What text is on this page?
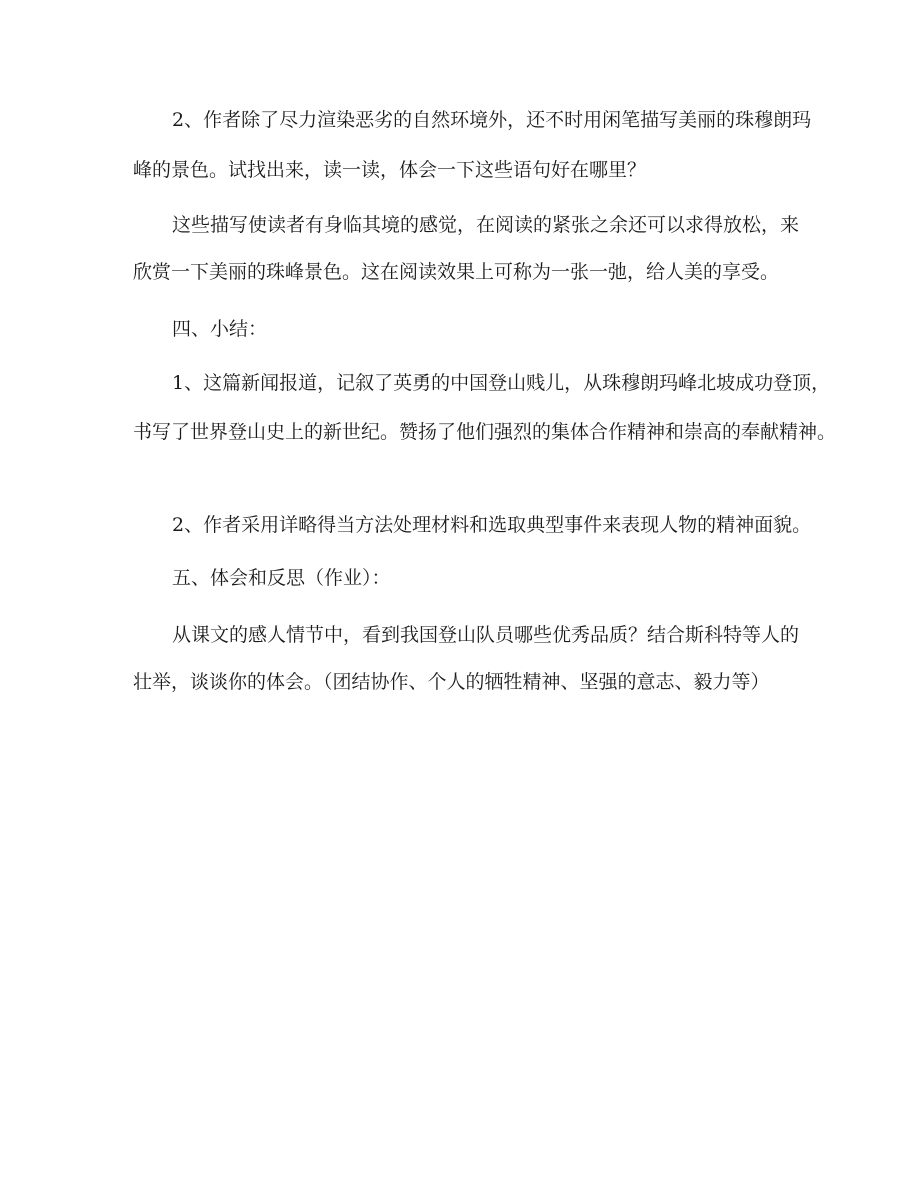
2、作者除了尽力渲染恶劣的自然环境外，还不时用闲笔描写美丽的珠穆朗玛

峰的景色。试找出来，读一读，体会一下这些语句好在哪里？

这些描写使读者有身临其境的感觉，在阅读的紧张之余还可以求得放松，来

欣赏一下美丽的珠峰景色。这在阅读效果上可称为一张一弛，给人美的享受。

四、小结：

1、这篇新闻报道，记叙了英勇的中国登山贱儿，从珠穆朗玛峰北坡成功登顶，

书写了世界登山史上的新世纪。赞扬了他们强烈的集体合作精神和崇高的奉献精神。

2、作者采用详略得当方法处理材料和选取典型事件来表现人物的精神面貌。

五、体会和反思（作业）：

从课文的感人情节中，看到我国登山队员哪些优秀品质？结合斯科特等人的

壮举，谈谈你的体会。（团结协作、个人的牺牲精神、坚强的意志、毅力等）
